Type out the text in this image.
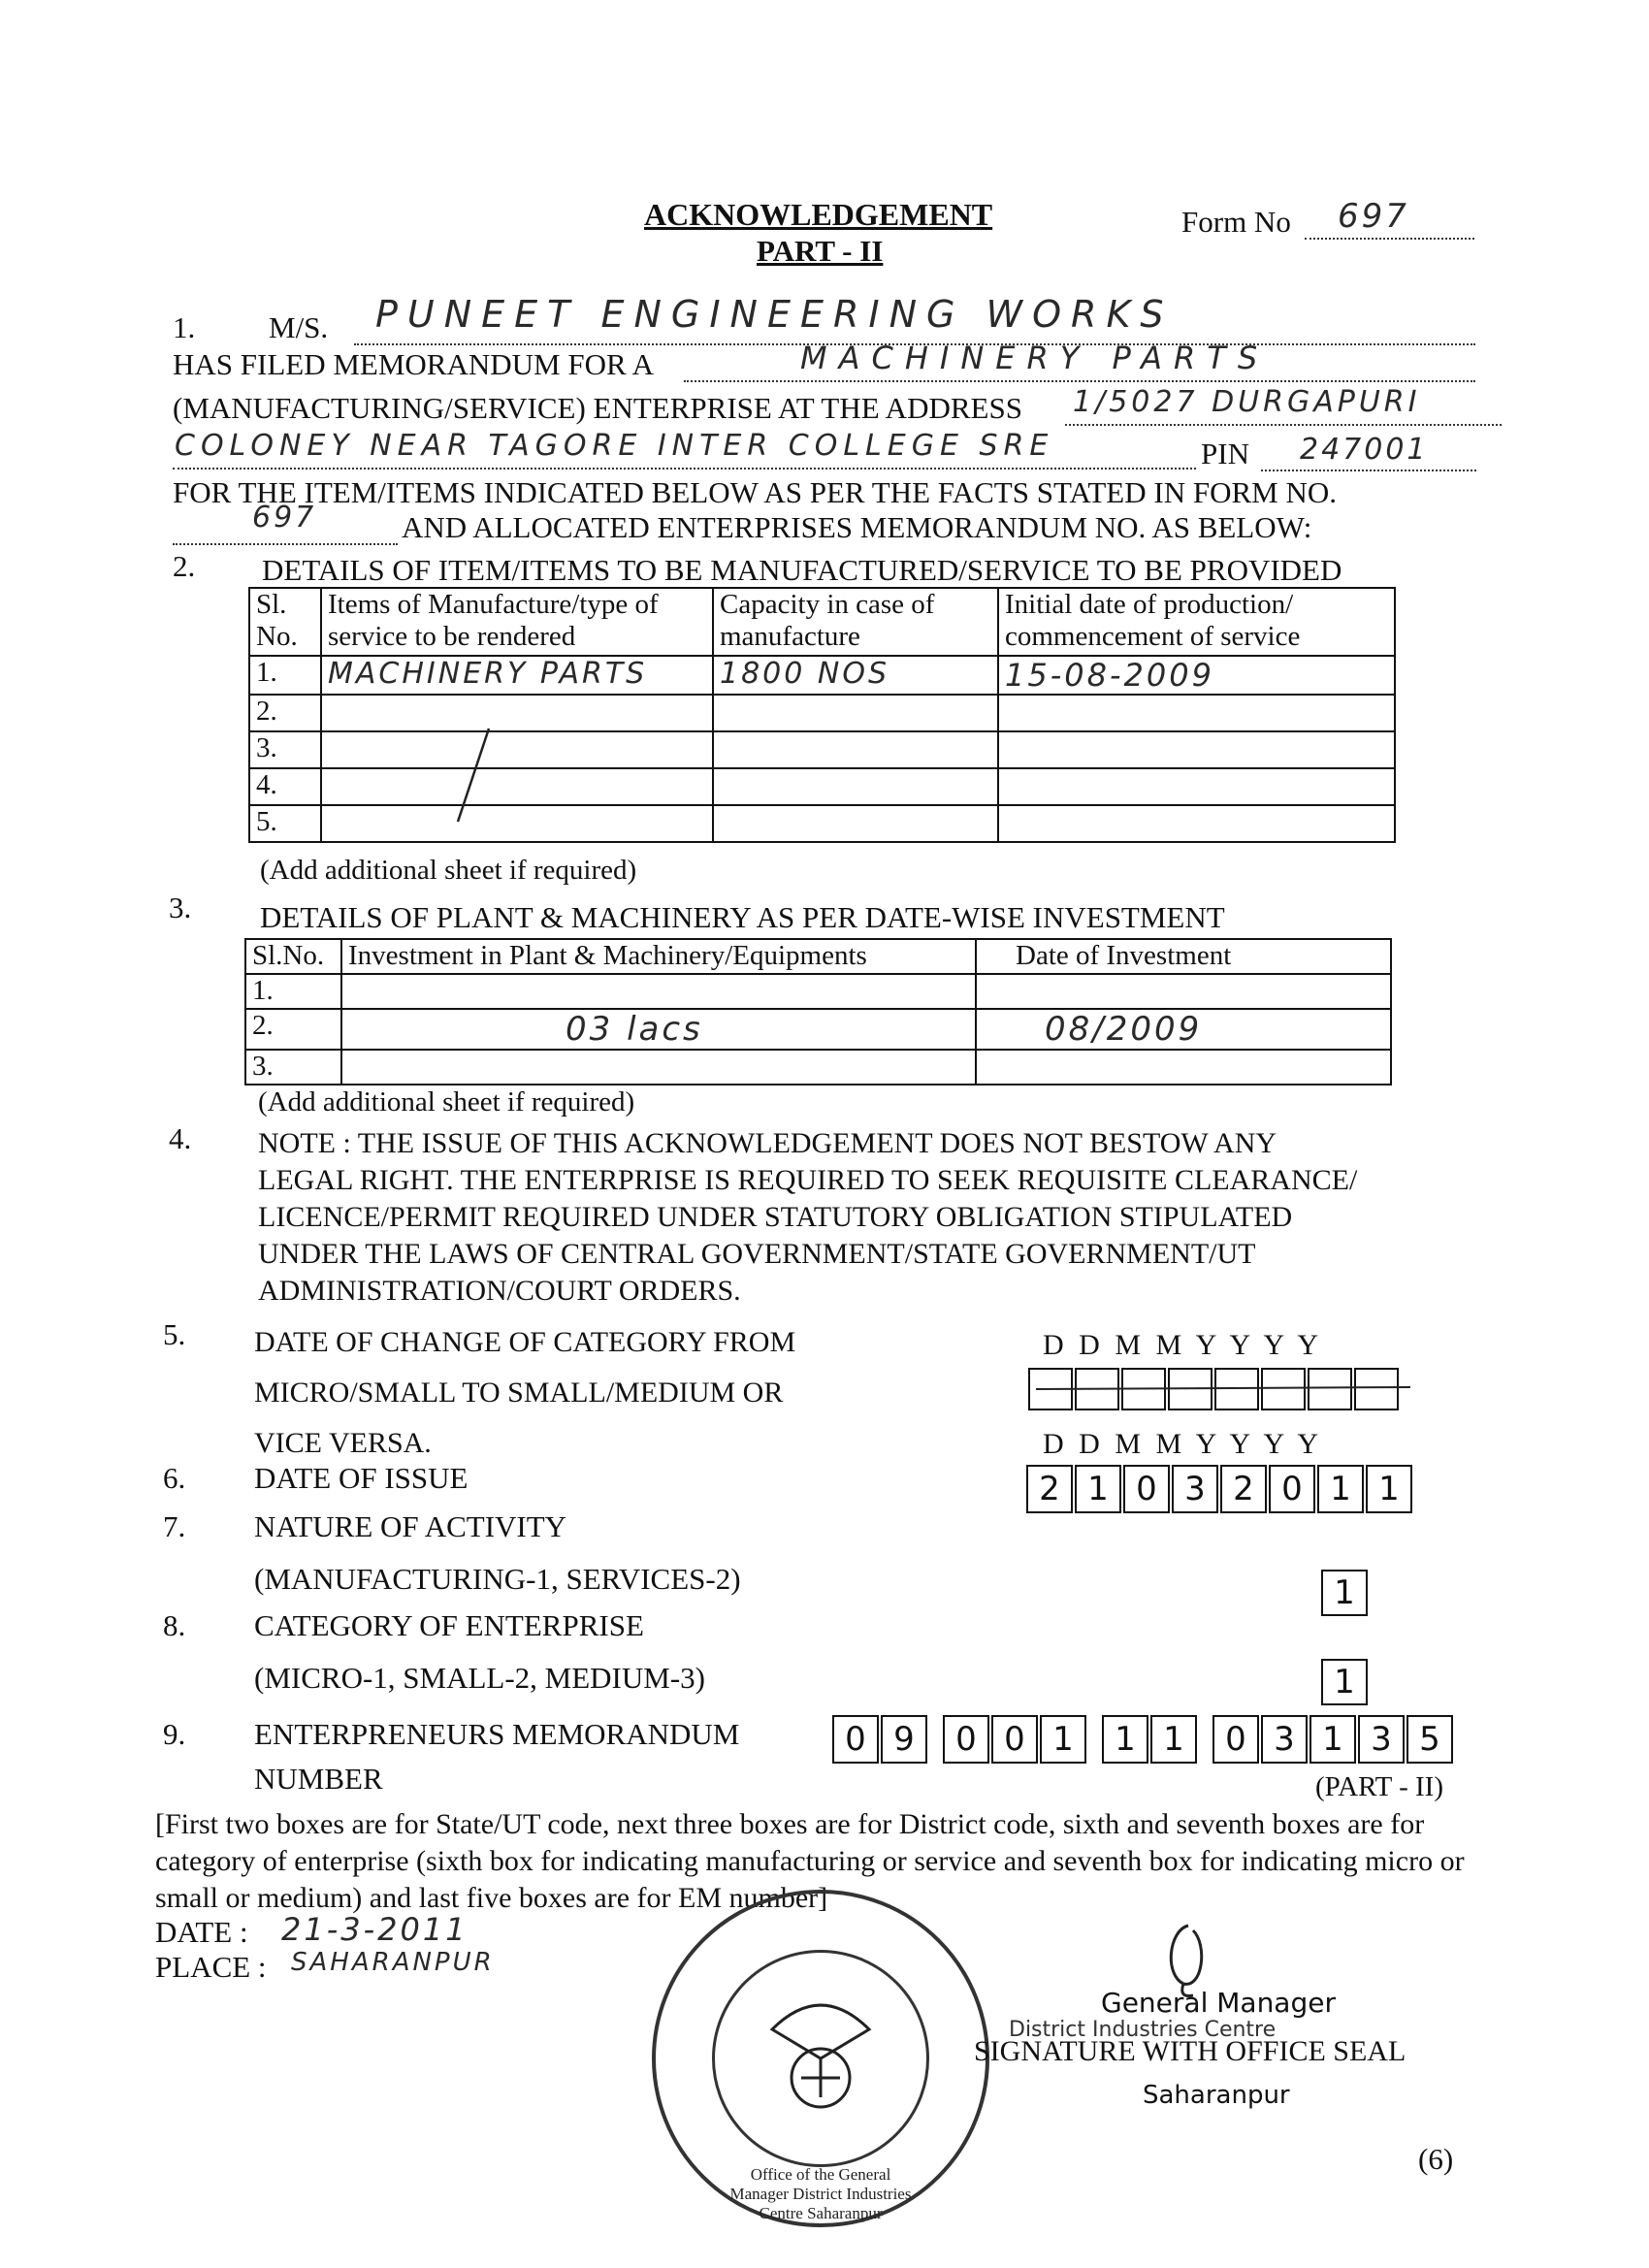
ACKNOWLEDGEMENT
PART - II
Form No 697
1. M/S. PUNEET ENGINEERING WORKS
HAS FILED MEMORANDUM FOR A	MACHINERY PARTS
(MANUFACTURING/SERVICE) ENTERPRISE AT THE ADDRESS 1/5027 DURGAPURI
COLONEY NEAR TAGORE INTER COLLEGE SRE	PIN 247001
FOR THE ITEM/ITEMS INDICATED BELOW AS PER THE FACTS STATED IN FORM NO.
697	AND ALLOCATED ENTERPRISES MEMORANDUM NO. AS BELOW:
2. DETAILS OF ITEM/ITEMS TO BE MANUFACTURED/SERVICE TO BE PROVIDED
Sl. No.	Items of Manufacture/type of service to be rendered	Capacity in case of manufacture	Initial date of production/ commencement of service
1.	MACHINERY PARTS	1800 NOS	15-08-2009
2.			
3.			
4.			
5.			
(Add additional sheet if required)
3. DETAILS OF PLANT & MACHINERY AS PER DATE-WISE INVESTMENT
Sl.No.	Investment in Plant & Machinery/Equipments	Date of Investment
1.		
2.	03 lacs	08/2009
3.		
(Add additional sheet if required)
4. NOTE : THE ISSUE OF THIS ACKNOWLEDGEMENT DOES NOT BESTOW ANY
LEGAL RIGHT. THE ENTERPRISE IS REQUIRED TO SEEK REQUISITE CLEARANCE/
LICENCE/PERMIT REQUIRED UNDER STATUTORY OBLIGATION STIPULATED
UNDER THE LAWS OF CENTRAL GOVERNMENT/STATE GOVERNMENT/UT
ADMINISTRATION/COURT ORDERS.
5. DATE OF CHANGE OF CATEGORY FROM
MICRO/SMALL TO SMALL/MEDIUM OR
VICE VERSA.
D D M M Y Y Y Y
D D M M Y Y Y Y
6. DATE OF ISSUE	2 1 0 3 2 0 1 1
7. NATURE OF ACTIVITY
(MANUFACTURING-1, SERVICES-2)	1
8. CATEGORY OF ENTERPRISE
(MICRO-1, SMALL-2, MEDIUM-3)	1
9. ENTERPRENEURS MEMORANDUM
NUMBER
0 9 0 0 1 1 1 0 3 1 3 5
(PART - II)
[First two boxes are for State/UT code, next three boxes are for District code, sixth and seventh boxes are for category of enterprise (sixth box for indicating manufacturing or service and seventh box for indicating micro or small or medium) and last five boxes are for EM number]
DATE : 21-3-2011
PLACE : SAHARANPUR
Office of the General Manager District Industries Centre Saharanpur
General Manager
SIGNATURE WITH OFFICE SEAL
District Industries Centre
Saharanpur
(6)
